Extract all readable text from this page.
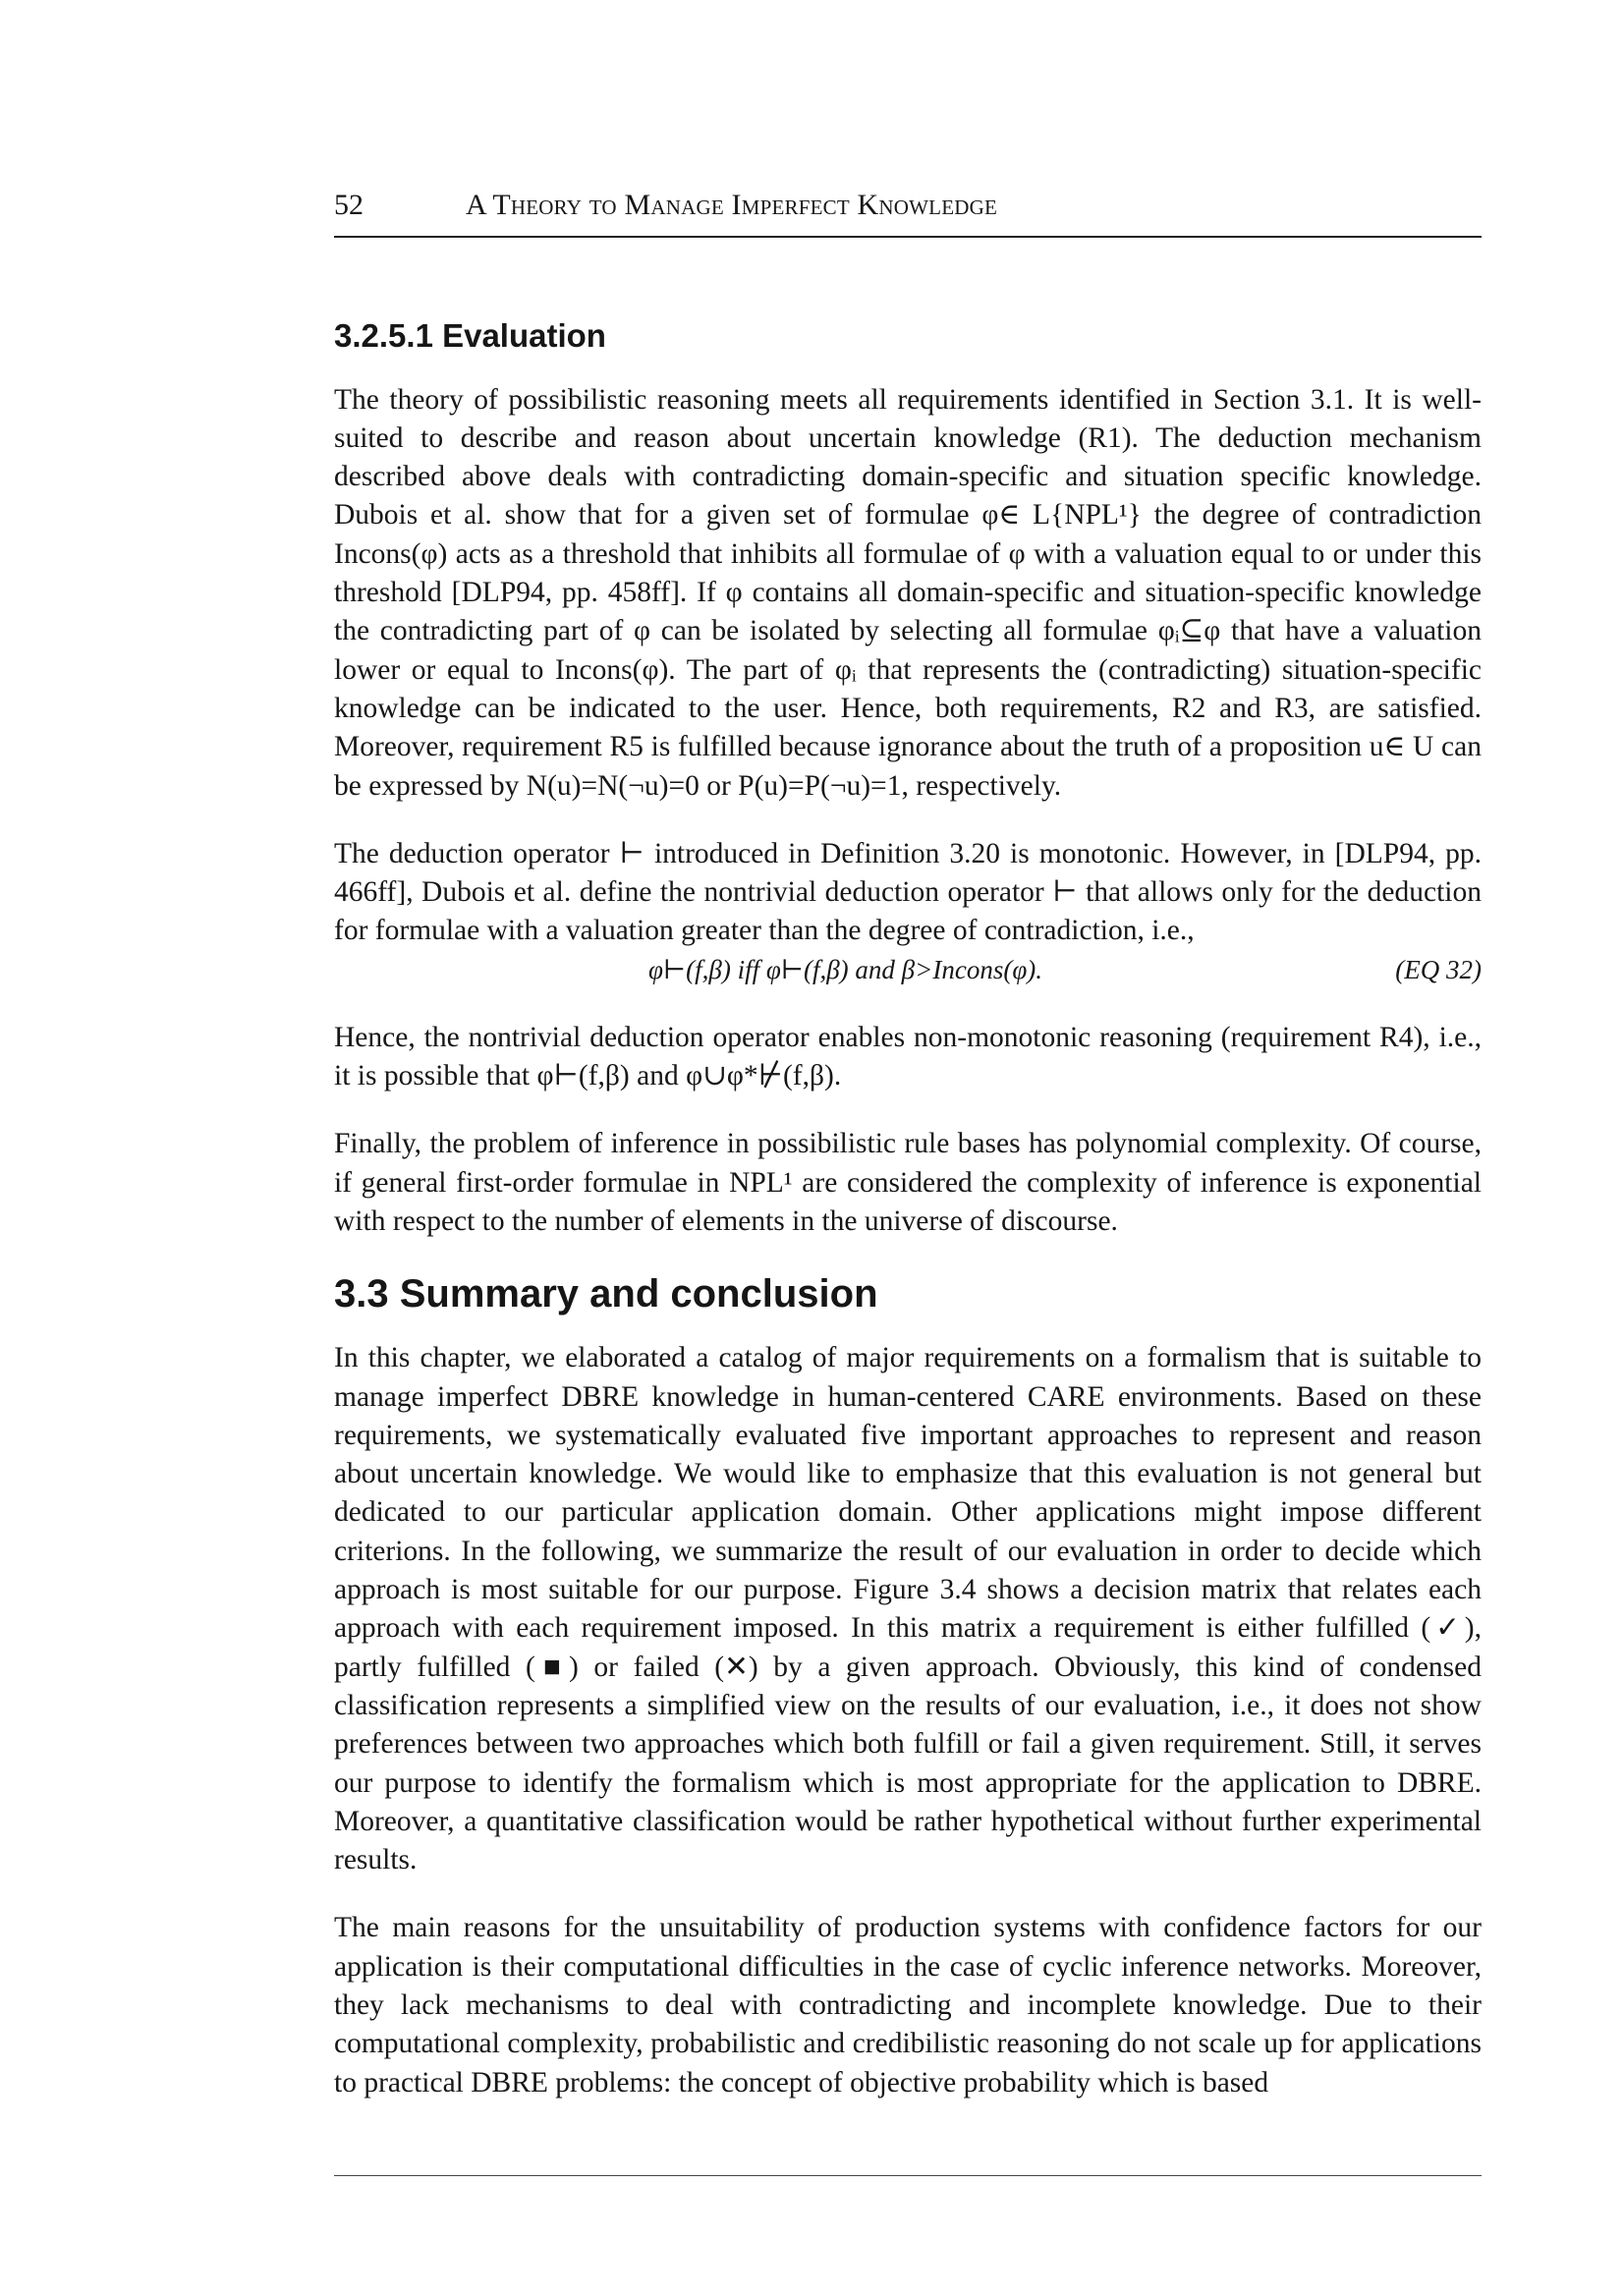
52	A Theory to Manage Imperfect Knowledge
3.2.5.1 Evaluation

The theory of possibilistic reasoning meets all requirements identified in Section 3.1. It is well-suited to describe and reason about uncertain knowledge (R1). The deduction mechanism described above deals with contradicting domain-specific and situation specific knowledge. Dubois et al. show that for a given set of formulae φ∈ L{NPL¹} the degree of contradiction Incons(φ) acts as a threshold that inhibits all formulae of φ with a valuation equal to or under this threshold [DLP94, pp. 458ff]. If φ contains all domain-specific and situation-specific knowledge the contradicting part of φ can be isolated by selecting all formulae φᵢ⊆φ that have a valuation lower or equal to Incons(φ). The part of φᵢ that represents the (contradicting) situation-specific knowledge can be indicated to the user. Hence, both requirements, R2 and R3, are satisfied. Moreover, requirement R5 is fulfilled because ignorance about the truth of a proposition u∈ U can be expressed by N(u)=N(¬u)=0 or P(u)=P(¬u)=1, respectively.

The deduction operator ⊢ introduced in Definition 3.20 is monotonic. However, in [DLP94, pp. 466ff], Dubois et al. define the nontrivial deduction operator ⊢ that allows only for the deduction for formulae with a valuation greater than the degree of contradiction, i.e.,

φ⊢(f,β) iff φ⊢(f,β) and β>Incons(φ).	(EQ 32)

Hence, the nontrivial deduction operator enables non-monotonic reasoning (requirement R4), i.e., it is possible that φ⊢(f,β) and φ∪φ*⊬(f,β).

Finally, the problem of inference in possibilistic rule bases has polynomial complexity. Of course, if general first-order formulae in NPL¹ are considered the complexity of inference is exponential with respect to the number of elements in the universe of discourse.

3.3 Summary and conclusion

In this chapter, we elaborated a catalog of major requirements on a formalism that is suitable to manage imperfect DBRE knowledge in human-centered CARE environments. Based on these requirements, we systematically evaluated five important approaches to represent and reason about uncertain knowledge. We would like to emphasize that this evaluation is not general but dedicated to our particular application domain. Other applications might impose different criterions. In the following, we summarize the result of our evaluation in order to decide which approach is most suitable for our purpose. Figure 3.4 shows a decision matrix that relates each approach with each requirement imposed. In this matrix a requirement is either fulfilled (✓), partly fulfilled (■) or failed (✕) by a given approach. Obviously, this kind of condensed classification represents a simplified view on the results of our evaluation, i.e., it does not show preferences between two approaches which both fulfill or fail a given requirement. Still, it serves our purpose to identify the formalism which is most appropriate for the application to DBRE. Moreover, a quantitative classification would be rather hypothetical without further experimental results.

The main reasons for the unsuitability of production systems with confidence factors for our application is their computational difficulties in the case of cyclic inference networks. Moreover, they lack mechanisms to deal with contradicting and incomplete knowledge. Due to their computational complexity, probabilistic and credibilistic reasoning do not scale up for applications to practical DBRE problems: the concept of objective probability which is based
